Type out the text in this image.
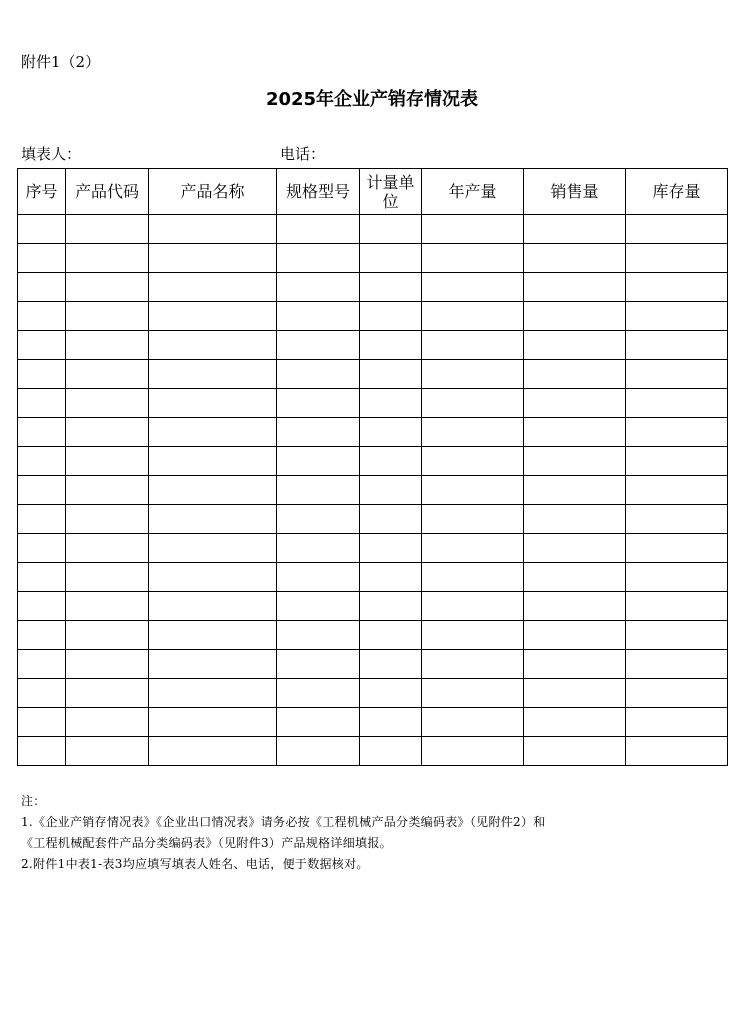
附件1（2）
2025年企业产销存情况表
填表人：	电话：
序号	产品代码	产品名称	规格型号	计量单位	年产量	销售量	库存量

注：
1.《企业产销存情况表》《企业出口情况表》请务必按《工程机械产品分类编码表》（见附件2）和
《工程机械配套件产品分类编码表》（见附件3）产品规格详细填报。
2.附件1中表1-表3均应填写填表人姓名、电话，便于数据核对。
